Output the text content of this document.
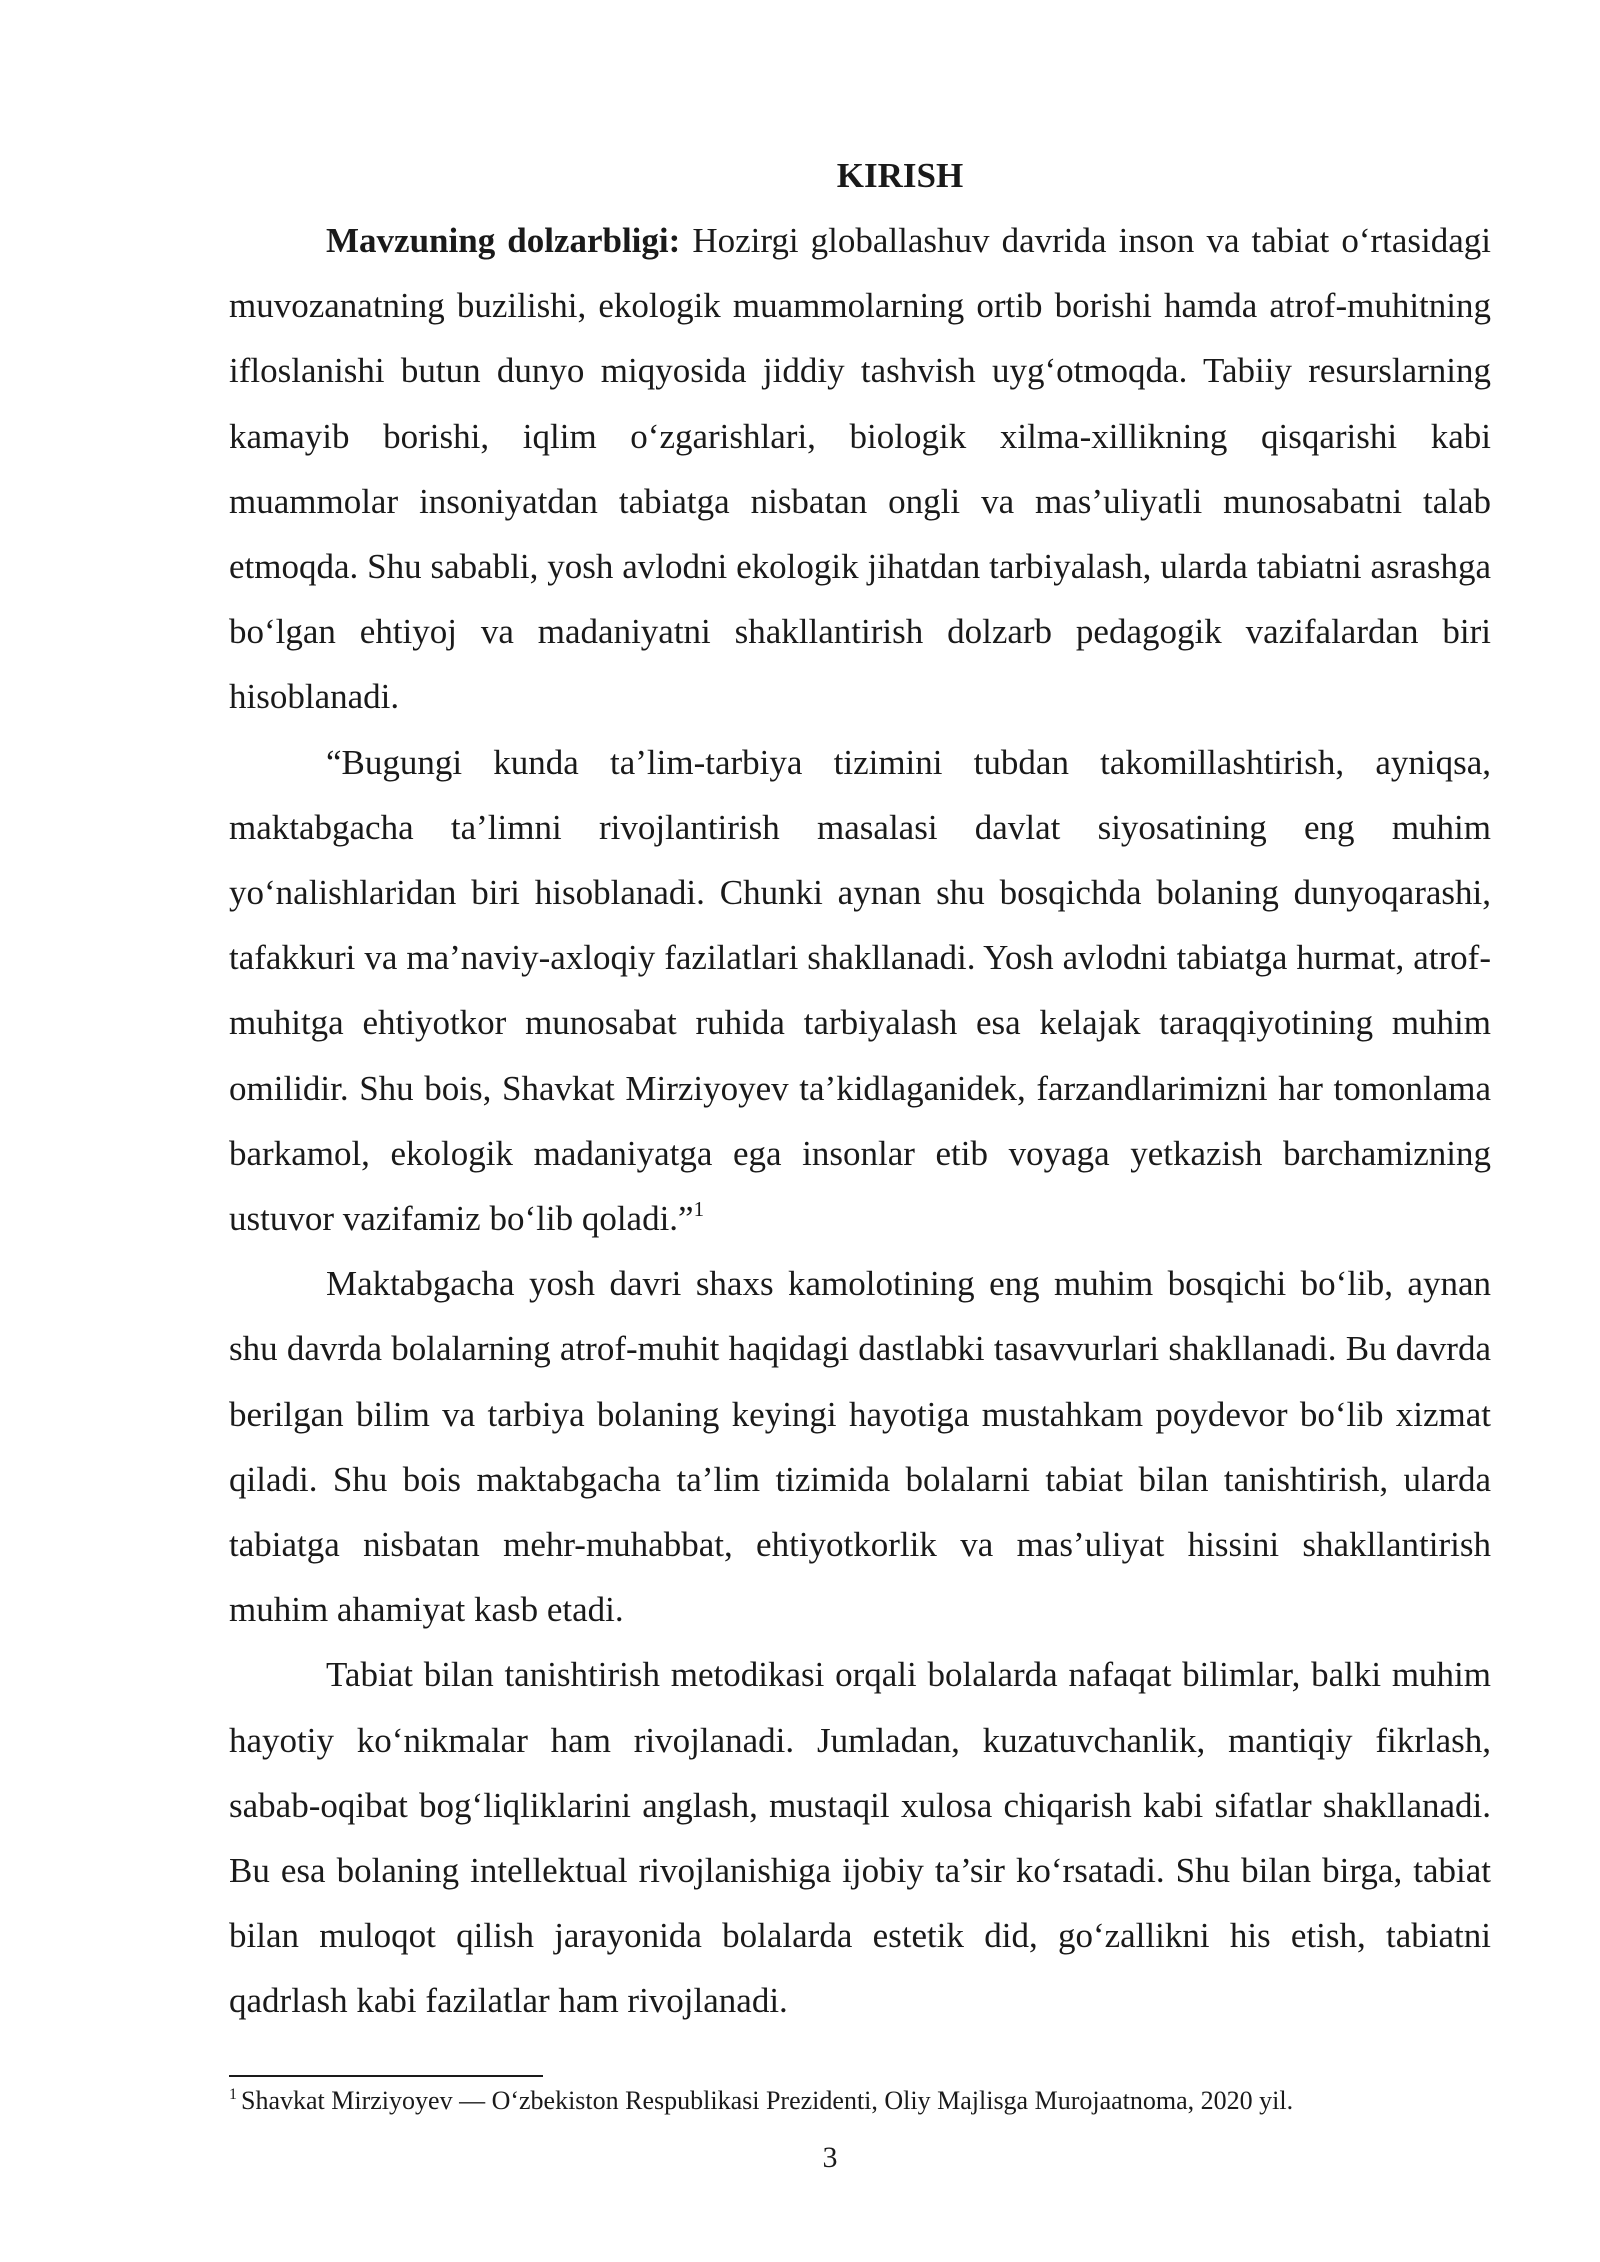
KIRISH

Mavzuning dolzarbligi: Hozirgi globallashuv davrida inson va tabiat o‘rtasidagi muvozanatning buzilishi, ekologik muammolarning ortib borishi hamda atrof-muhitning ifloslanishi butun dunyo miqyosida jiddiy tashvish uyg‘otmoqda. Tabiiy resurslarning kamayib borishi, iqlim o‘zgarishlari, biologik xilma-xillikning qisqarishi kabi muammolar insoniyatdan tabiatga nisbatan ongli va mas’uliyatli munosabatni talab etmoqda. Shu sababli, yosh avlodni ekologik jihatdan tarbiyalash, ularda tabiatni asrashga bo‘lgan ehtiyoj va madaniyatni shakllantirish dolzarb pedagogik vazifalardan biri hisoblanadi.

“Bugungi kunda ta’lim-tarbiya tizimini tubdan takomillashtirish, ayniqsa, maktabgacha ta’limni rivojlantirish masalasi davlat siyosatining eng muhim yo‘nalishlaridan biri hisoblanadi. Chunki aynan shu bosqichda bolaning dunyoqarashi, tafakkuri va ma’naviy-axloqiy fazilatlari shakllanadi. Yosh avlodni tabiatga hurmat, atrof-muhitga ehtiyotkor munosabat ruhida tarbiyalash esa kelajak taraqqiyotining muhim omilidir. Shu bois, Shavkat Mirziyoyev ta’kidlaganidek, farzandlarimizni har tomonlama barkamol, ekologik madaniyatga ega insonlar etib voyaga yetkazish barchamizning ustuvor vazifamiz bo‘lib qoladi.”$^1$

Maktabgacha yosh davri shaxs kamolotining eng muhim bosqichi bo‘lib, aynan shu davrda bolalarning atrof-muhit haqidagi dastlabki tasavvurlari shakllanadi. Bu davrda berilgan bilim va tarbiya bolaning keyingi hayotiga mustahkam poydevor bo‘lib xizmat qiladi. Shu bois maktabgacha ta’lim tizimida bolalarni tabiat bilan tanishtirish, ularda tabiatga nisbatan mehr-muhabbat, ehtiyotkorlik va mas’uliyat hissini shakllantirish muhim ahamiyat kasb etadi.

Tabiat bilan tanishtirish metodikasi orqali bolalarda nafaqat bilimlar, balki muhim hayotiy ko‘nikmalar ham rivojlanadi. Jumladan, kuzatuvchanlik, mantiqiy fikrlash, sabab-oqibat bog‘liqliklarini anglash, mustaqil xulosa chiqarish kabi sifatlar shakllanadi. Bu esa bolaning intellektual rivojlanishiga ijobiy ta’sir ko‘rsatadi. Shu bilan birga, tabiat bilan muloqot qilish jarayonida bolalarda estetik did, go‘zallikni his etish, tabiatni qadrlash kabi fazilatlar ham rivojlanadi.

$^1$ Shavkat Mirziyoyev — O‘zbekiston Respublikasi Prezidenti, Oliy Majlisga Murojaatnoma, 2020 yil.
3
